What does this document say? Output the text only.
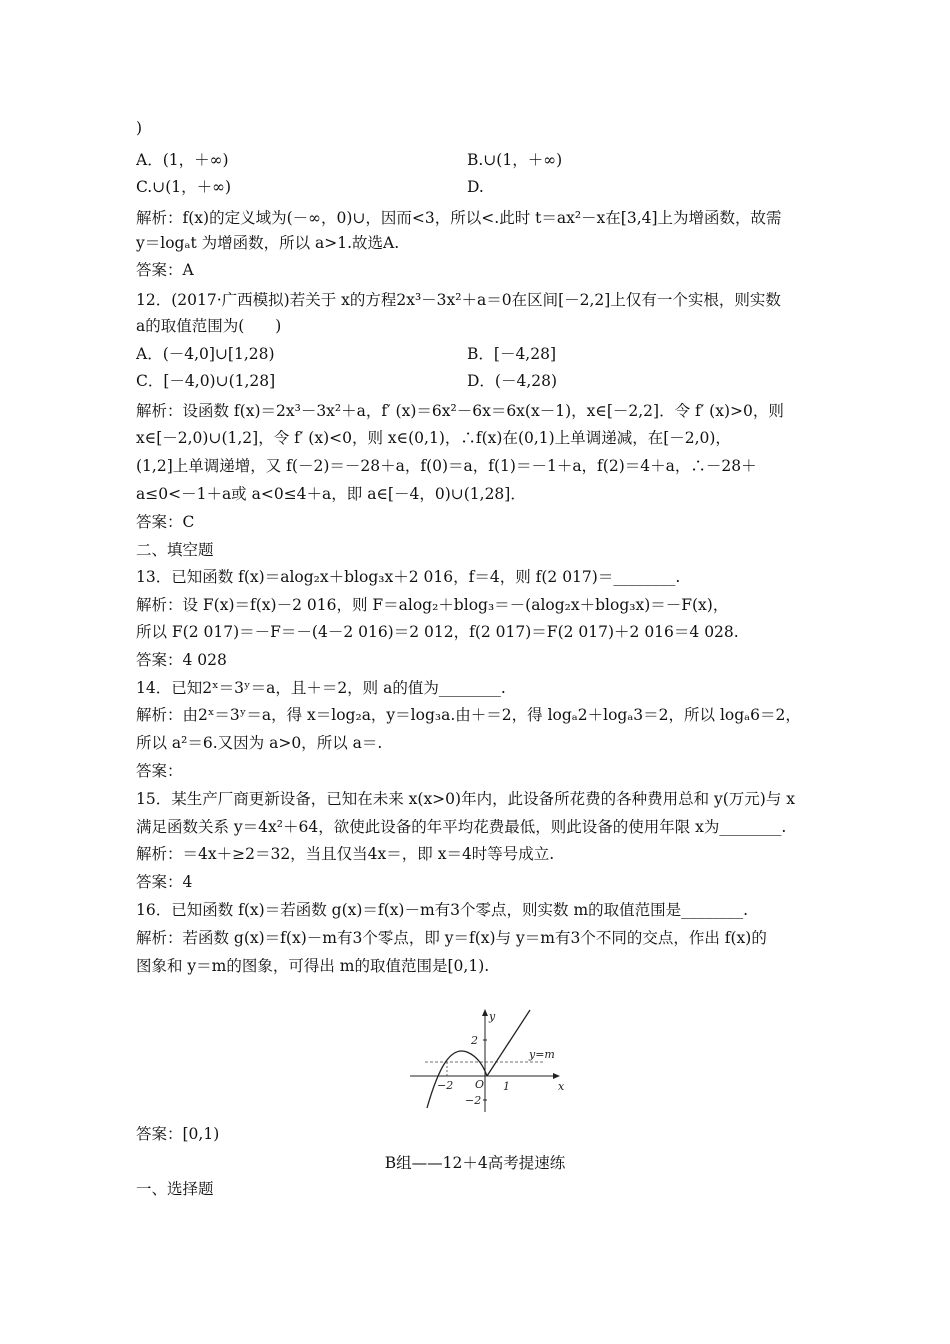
)
A．(1，＋∞)	B.∪(1，＋∞)
C.∪(1，＋∞)	D.
解析：f(x)的定义域为(－∞，0)∪，因而<3，所以<.此时 t＝ax²－x在[3,4]上为增函数，故需
y＝logₐt 为增函数，所以 a>1.故选A.
答案：A
12．(2017·广西模拟)若关于 x的方程2x³－3x²＋a＝0在区间[－2,2]上仅有一个实根，则实数
a的取值范围为(　　)
A．(－4,0]∪[1,28)	B．[－4,28]
C．[－4,0)∪(1,28]	D．(－4,28)
解析：设函数 f(x)＝2x³－3x²＋a，f′ (x)＝6x²－6x＝6x(x－1)，x∈[－2,2]．令 f′ (x)>0，则
x∈[－2,0)∪(1,2]，令 f′ (x)<0，则 x∈(0,1)，∴f(x)在(0,1)上单调递减，在[－2,0)，
(1,2]上单调递增，又 f(－2)＝－28＋a，f(0)＝a，f(1)＝－1＋a，f(2)＝4＋a，∴－28＋
a≤0<－1＋a或 a<0≤4＋a，即 a∈[－4，0)∪(1,28]．
答案：C
二、填空题
13．已知函数 f(x)＝alog₂x＋blog₃x＋2 016，f＝4，则 f(2 017)＝________.
解析：设 F(x)＝f(x)－2 016，则 F＝alog₂＋blog₃＝－(alog₂x＋blog₃x)＝－F(x)，
所以 F(2 017)＝－F＝－(4－2 016)＝2 012，f(2 017)＝F(2 017)＋2 016＝4 028.
答案：4 028
14．已知2ˣ＝3ʸ＝a，且＋＝2，则 a的值为________.
解析：由2ˣ＝3ʸ＝a，得 x＝log₂a，y＝log₃a.由＋＝2，得 logₐ2＋logₐ3＝2，所以 logₐ6＝2，
所以 a²＝6.又因为 a>0，所以 a＝.
答案：
15．某生产厂商更新设备，已知在未来 x(x>0)年内，此设备所花费的各种费用总和 y(万元)与 x
满足函数关系 y＝4x²＋64，欲使此设备的年平均花费最低，则此设备的使用年限 x为________.
解析：＝4x＋≥2＝32，当且仅当4x＝，即 x＝4时等号成立.
答案：4
16．已知函数 f(x)＝若函数 g(x)＝f(x)－m有3个零点，则实数 m的取值范围是________.
解析：若函数 g(x)＝f(x)－m有3个零点，即 y＝f(x)与 y＝m有3个不同的交点，作出 f(x)的
图象和 y＝m的图象，可得出 m的取值范围是[0,1).
y
x
O
2
−2
−2	1
y=m
答案：[0,1)
B组——12＋4高考提速练
一、选择题
